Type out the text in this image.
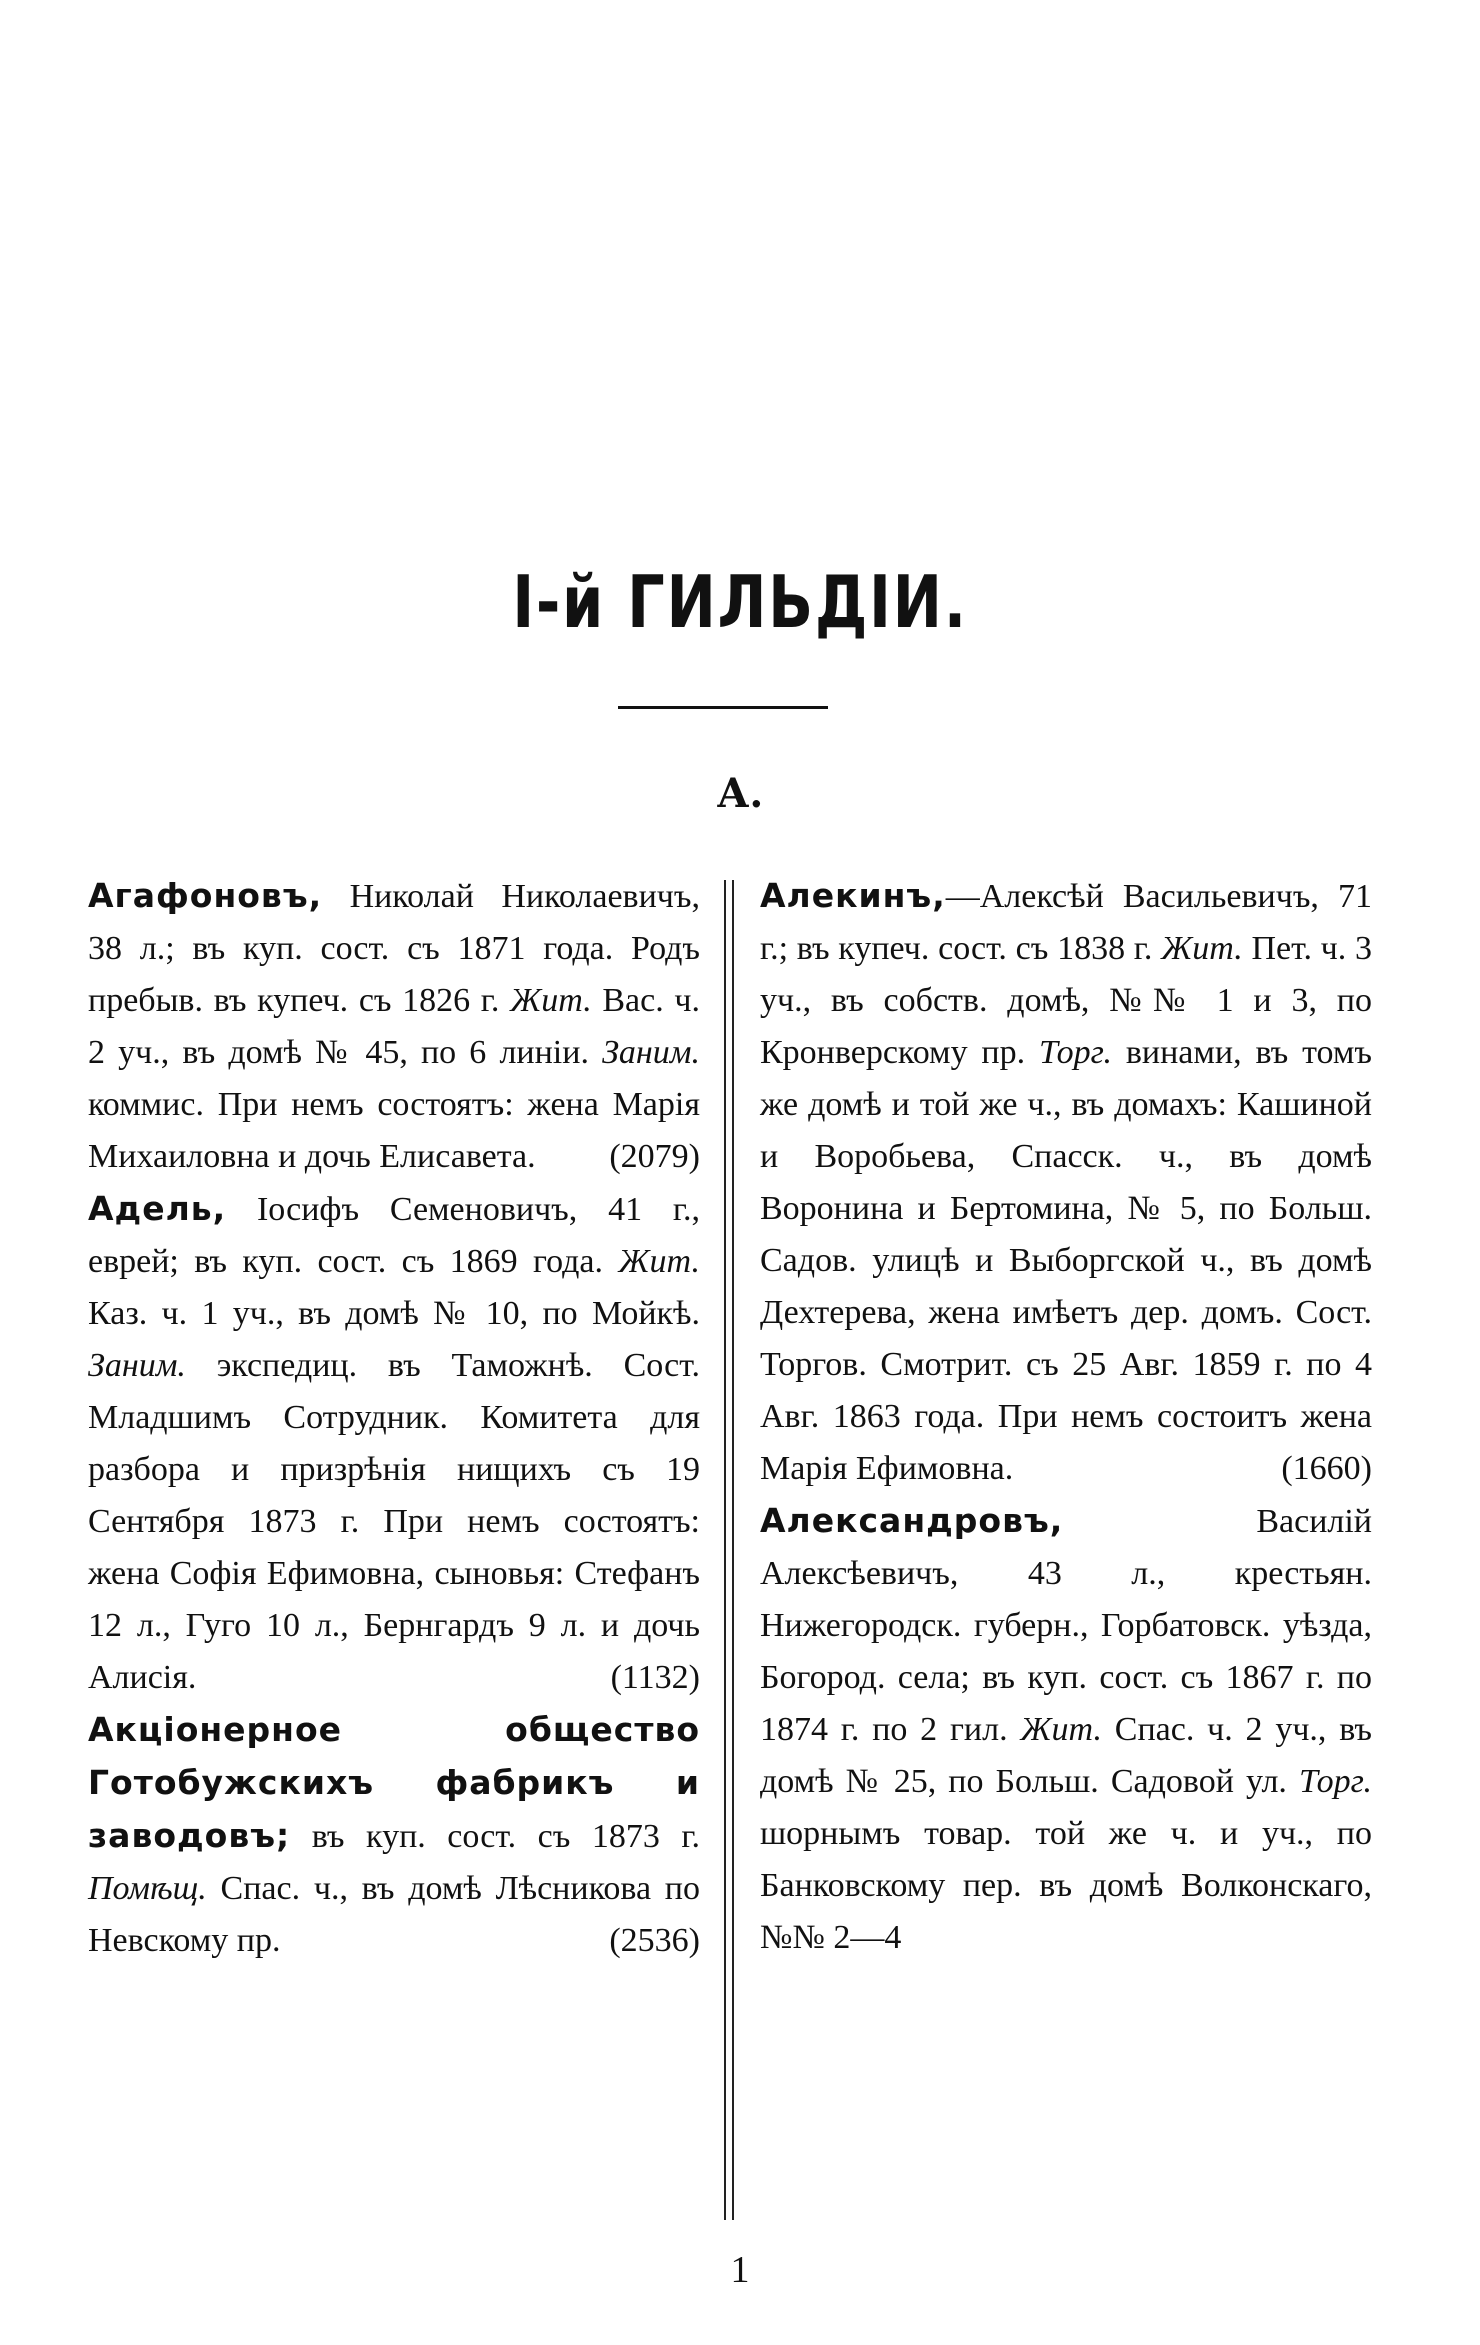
I-й ГИЛЬДІИ.
А.
Агафоновъ, Николай Николаевичъ, 38 л.; въ куп. сост. съ 1871 года. Родъ пребыв. въ купеч. съ 1826 г. Жит. Вас. ч. 2 уч., въ домѣ № 45, по 6 линіи. Заним. коммис. При немъ состоятъ: жена Марія Михаиловна и дочь Елисавета. (2079)
Адель, Іосифъ Семеновичъ, 41 г., еврей; въ куп. сост. съ 1869 года. Жит. Каз. ч. 1 уч., въ домѣ № 10, по Мойкѣ. Заним. экспедиц. въ Таможнѣ. Сост. Младшимъ Сотрудник. Комитета для разбора и призрѣнія нищихъ съ 19 Сентября 1873 г. При немъ состоятъ: жена Софія Ефимовна, сыновья: Стефанъ 12 л., Гуго 10 л., Бернгардъ 9 л. и дочь Алисія.	(1132)
Акціонерное общество Готобужскихъ фабрикъ и заводовъ; въ куп. сост. съ 1873 г. Помѣщ. Спас. ч., въ домѣ Лѣсникова по Невскому пр.	(2536)
Алекинъ,—Алексѣй Васильевичъ, 71 г.; въ купеч. сост. съ 1838 г. Жит. Пет. ч. 3 уч., въ собств. домѣ, №№ 1 и 3, по Кронверскому пр. Торг. винами, въ томъ же домѣ и той же ч., въ домахъ: Кашиной и Воробьева, Спасск. ч., въ домѣ Воронина и Бертомина, № 5, по Больш. Садов. улицѣ и Выборгской ч., въ домѣ Дехтерева, жена имѣетъ дер. домъ. Сост. Торгов. Смотрит. съ 25 Авг. 1859 г. по 4 Авг. 1863 года. При немъ состоитъ жена Марія Ефимовна.	(1660)
Александровъ, Василій Алексѣевичъ, 43 л., крестьян. Нижегородск. губерн., Горбатовск. уѣзда, Богород. села; въ куп. сост. съ 1867 г. по 1874 г. по 2 гил. Жит. Спас. ч. 2 уч., въ домѣ № 25, по Больш. Садовой ул. Торг. шорнымъ товар. той же ч. и уч., по Банковскому пер. въ домѣ Волконскаго, №№ 2—4
1
